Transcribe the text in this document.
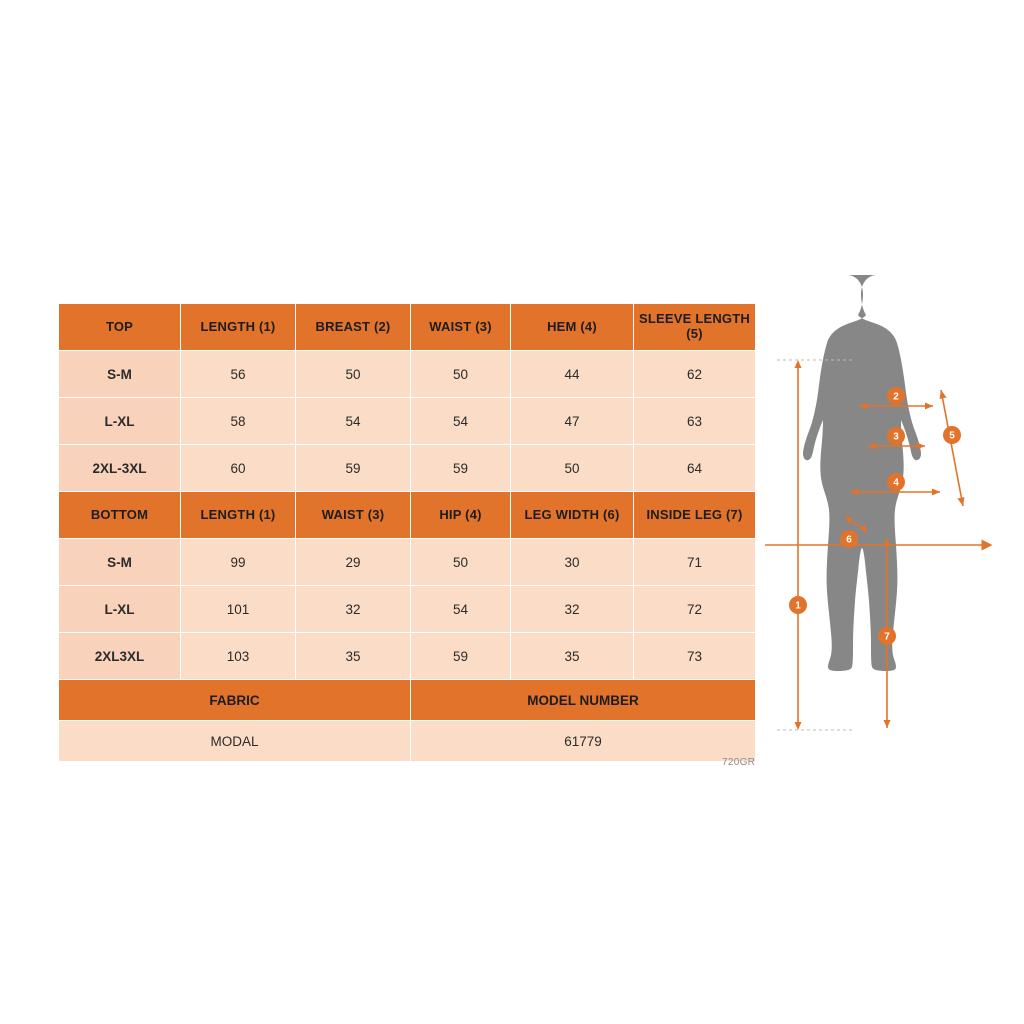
TOP	LENGTH (1)	BREAST (2)	WAIST (3)	HEM (4)	SLEEVE LENGTH (5)
S-M	56	50	50	44	62
L-XL	58	54	54	47	63
2XL-3XL	60	59	59	50	64
BOTTOM	LENGTH (1)	WAIST (3)	HIP (4)	LEG WIDTH (6)	INSIDE LEG (7)
S-M	99	29	50	30	71
L-XL	101	32	54	32	72
2XL3XL	103	35	59	35	73
FABRIC			MODEL NUMBER		
MODAL			61779		
720GR
1
2
3
4
5
6
7
